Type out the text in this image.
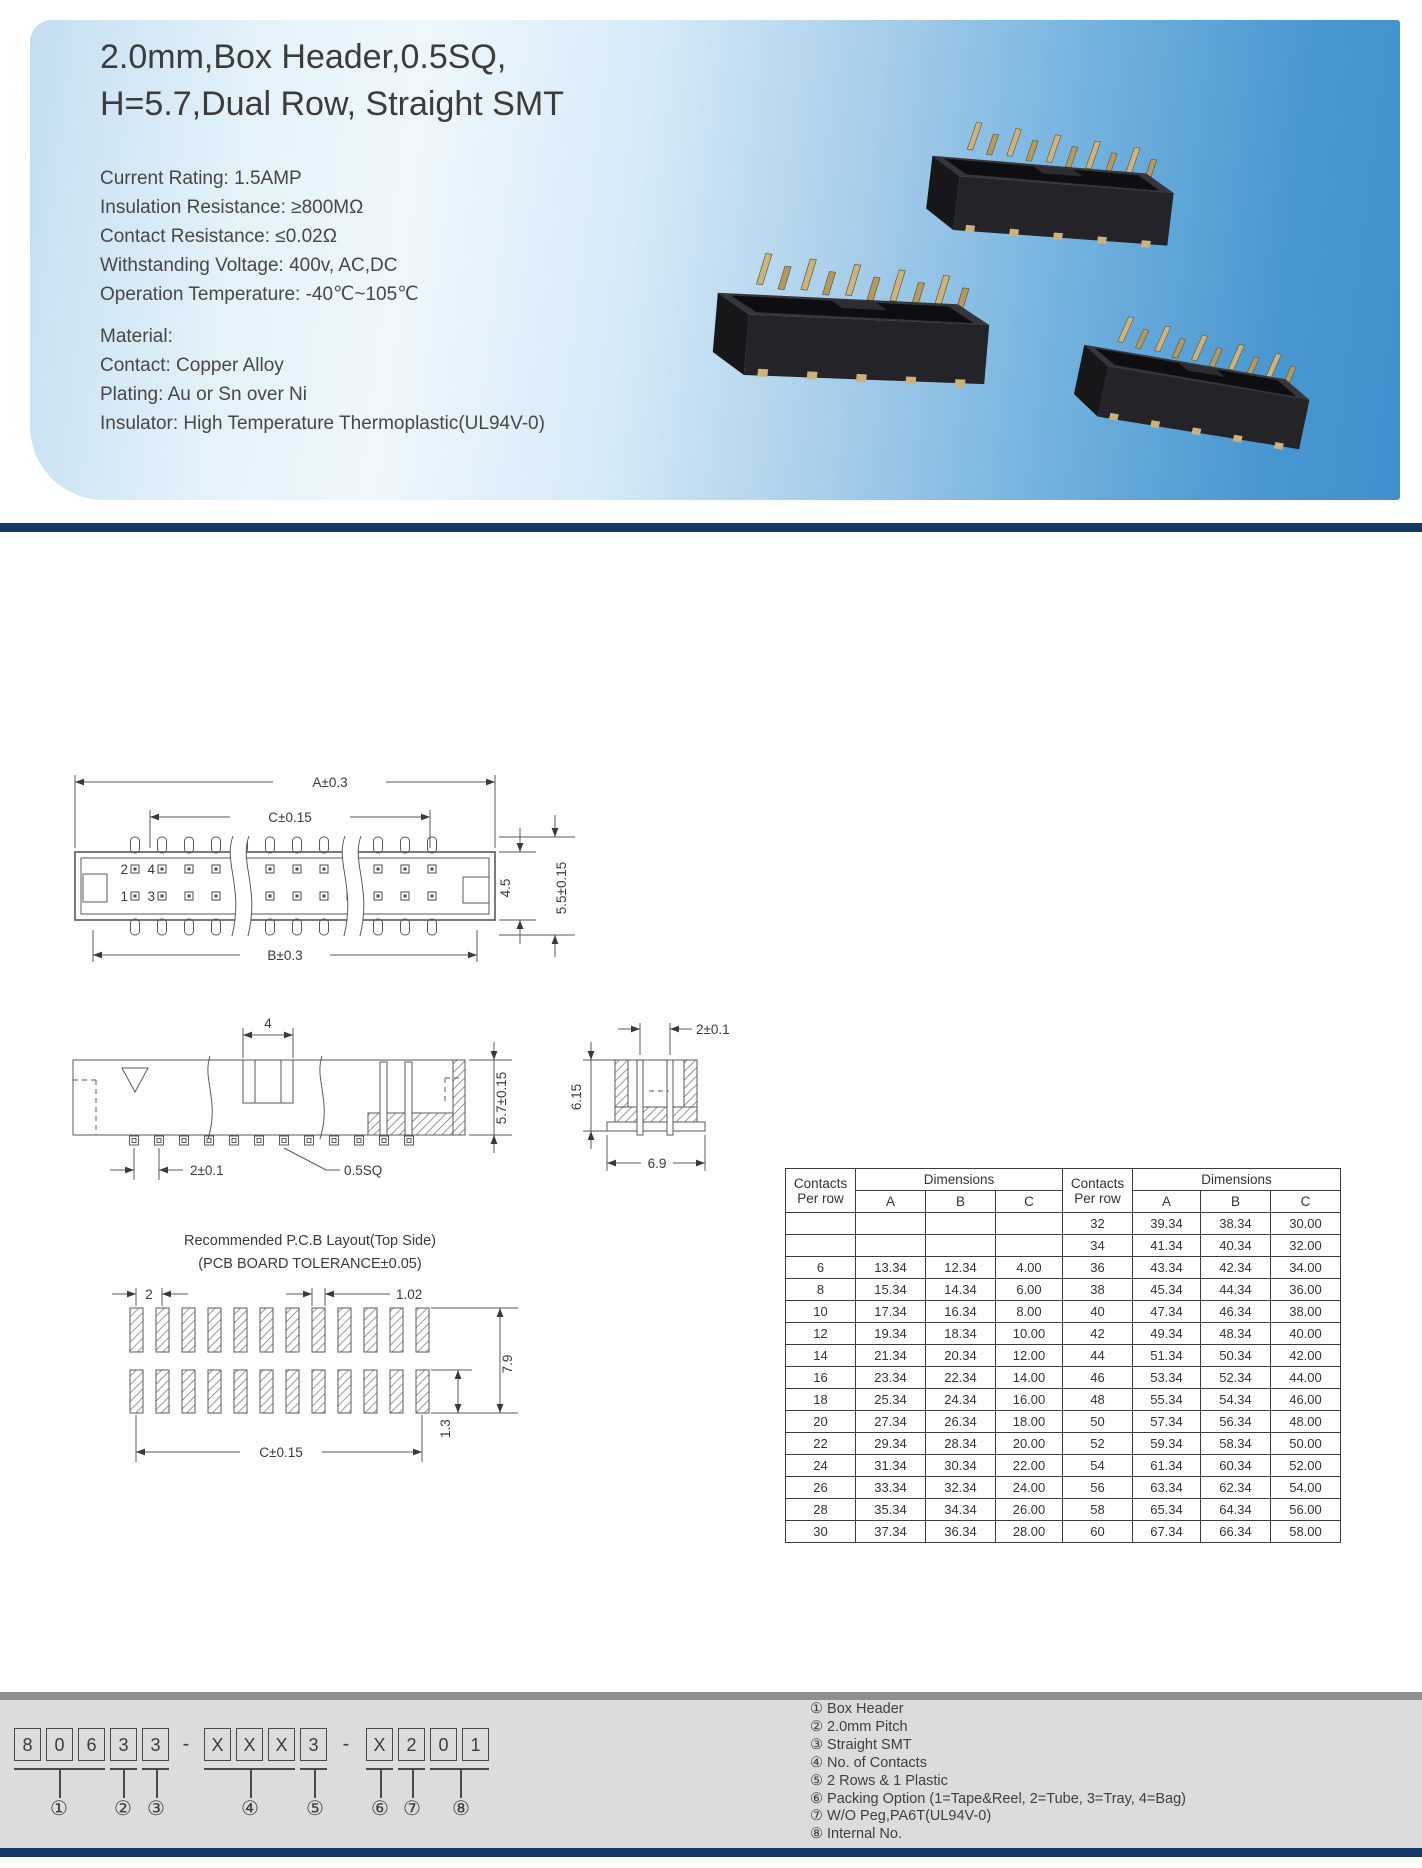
2.0mm,Box Header,0.5SQ,
H=5.7,Dual Row, Straight SMT
Current Rating: 1.5AMP
Insulation Resistance: ≥800MΩ
Contact Resistance: ≤0.02Ω
Withstanding Voltage: 400v, AC,DC
Operation Temperature: -40℃~105℃
Material:
Contact: Copper Alloy
Plating: Au or Sn over Ni
Insulator: High Temperature Thermoplastic(UL94V-0)
A±0.3
C±0.15
B±0.3
4.5	5.5±0.15
2 4
1 3
4
2±0.1	0.5SQ
5.7±0.15
2±0.1
6.15
6.9
Recommended P.C.B Layout(Top Side)
(PCB BOARD TOLERANCE±0.05)
2	1.02
7.9
1.3
C±0.15
Contacts
Per row
	Dimensions	Contacts
Per row
	Dimensions
	A	B	C		A	B	C
				32	39.34	38.34	30.00
				34	41.34	40.34	32.00
6	13.34	12.34	4.00	36	43.34	42.34	34.00
8	15.34	14.34	6.00	38	45.34	44.34	36.00
10	17.34	16.34	8.00	40	47.34	46.34	38.00
12	19.34	18.34	10.00	42	49.34	48.34	40.00
14	21.34	20.34	12.00	44	51.34	50.34	42.00
16	23.34	22.34	14.00	46	53.34	52.34	44.00
18	25.34	24.34	16.00	48	55.34	54.34	46.00
20	27.34	26.34	18.00	50	57.34	56.34	48.00
22	29.34	28.34	20.00	52	59.34	58.34	50.00
24	31.34	30.34	22.00	54	61.34	60.34	52.00
26	33.34	32.34	24.00	56	63.34	62.34	54.00
28	35.34	34.34	26.00	58	65.34	64.34	56.00
30	37.34	36.34	28.00	60	67.34	66.34	58.00
8	0	6	3	3	-	X	X	X	3	-	X	2	0	1
①	② ③	④	⑤	⑥ ⑦	⑧
① Box Header
② 2.0mm Pitch
③ Straight SMT
④ No. of Contacts
⑤ 2 Rows & 1 Plastic
⑥ Packing Option (1=Tape&Reel, 2=Tube, 3=Tray, 4=Bag)
⑦ W/O Peg,PA6T(UL94V-0)
⑧ Internal No.
